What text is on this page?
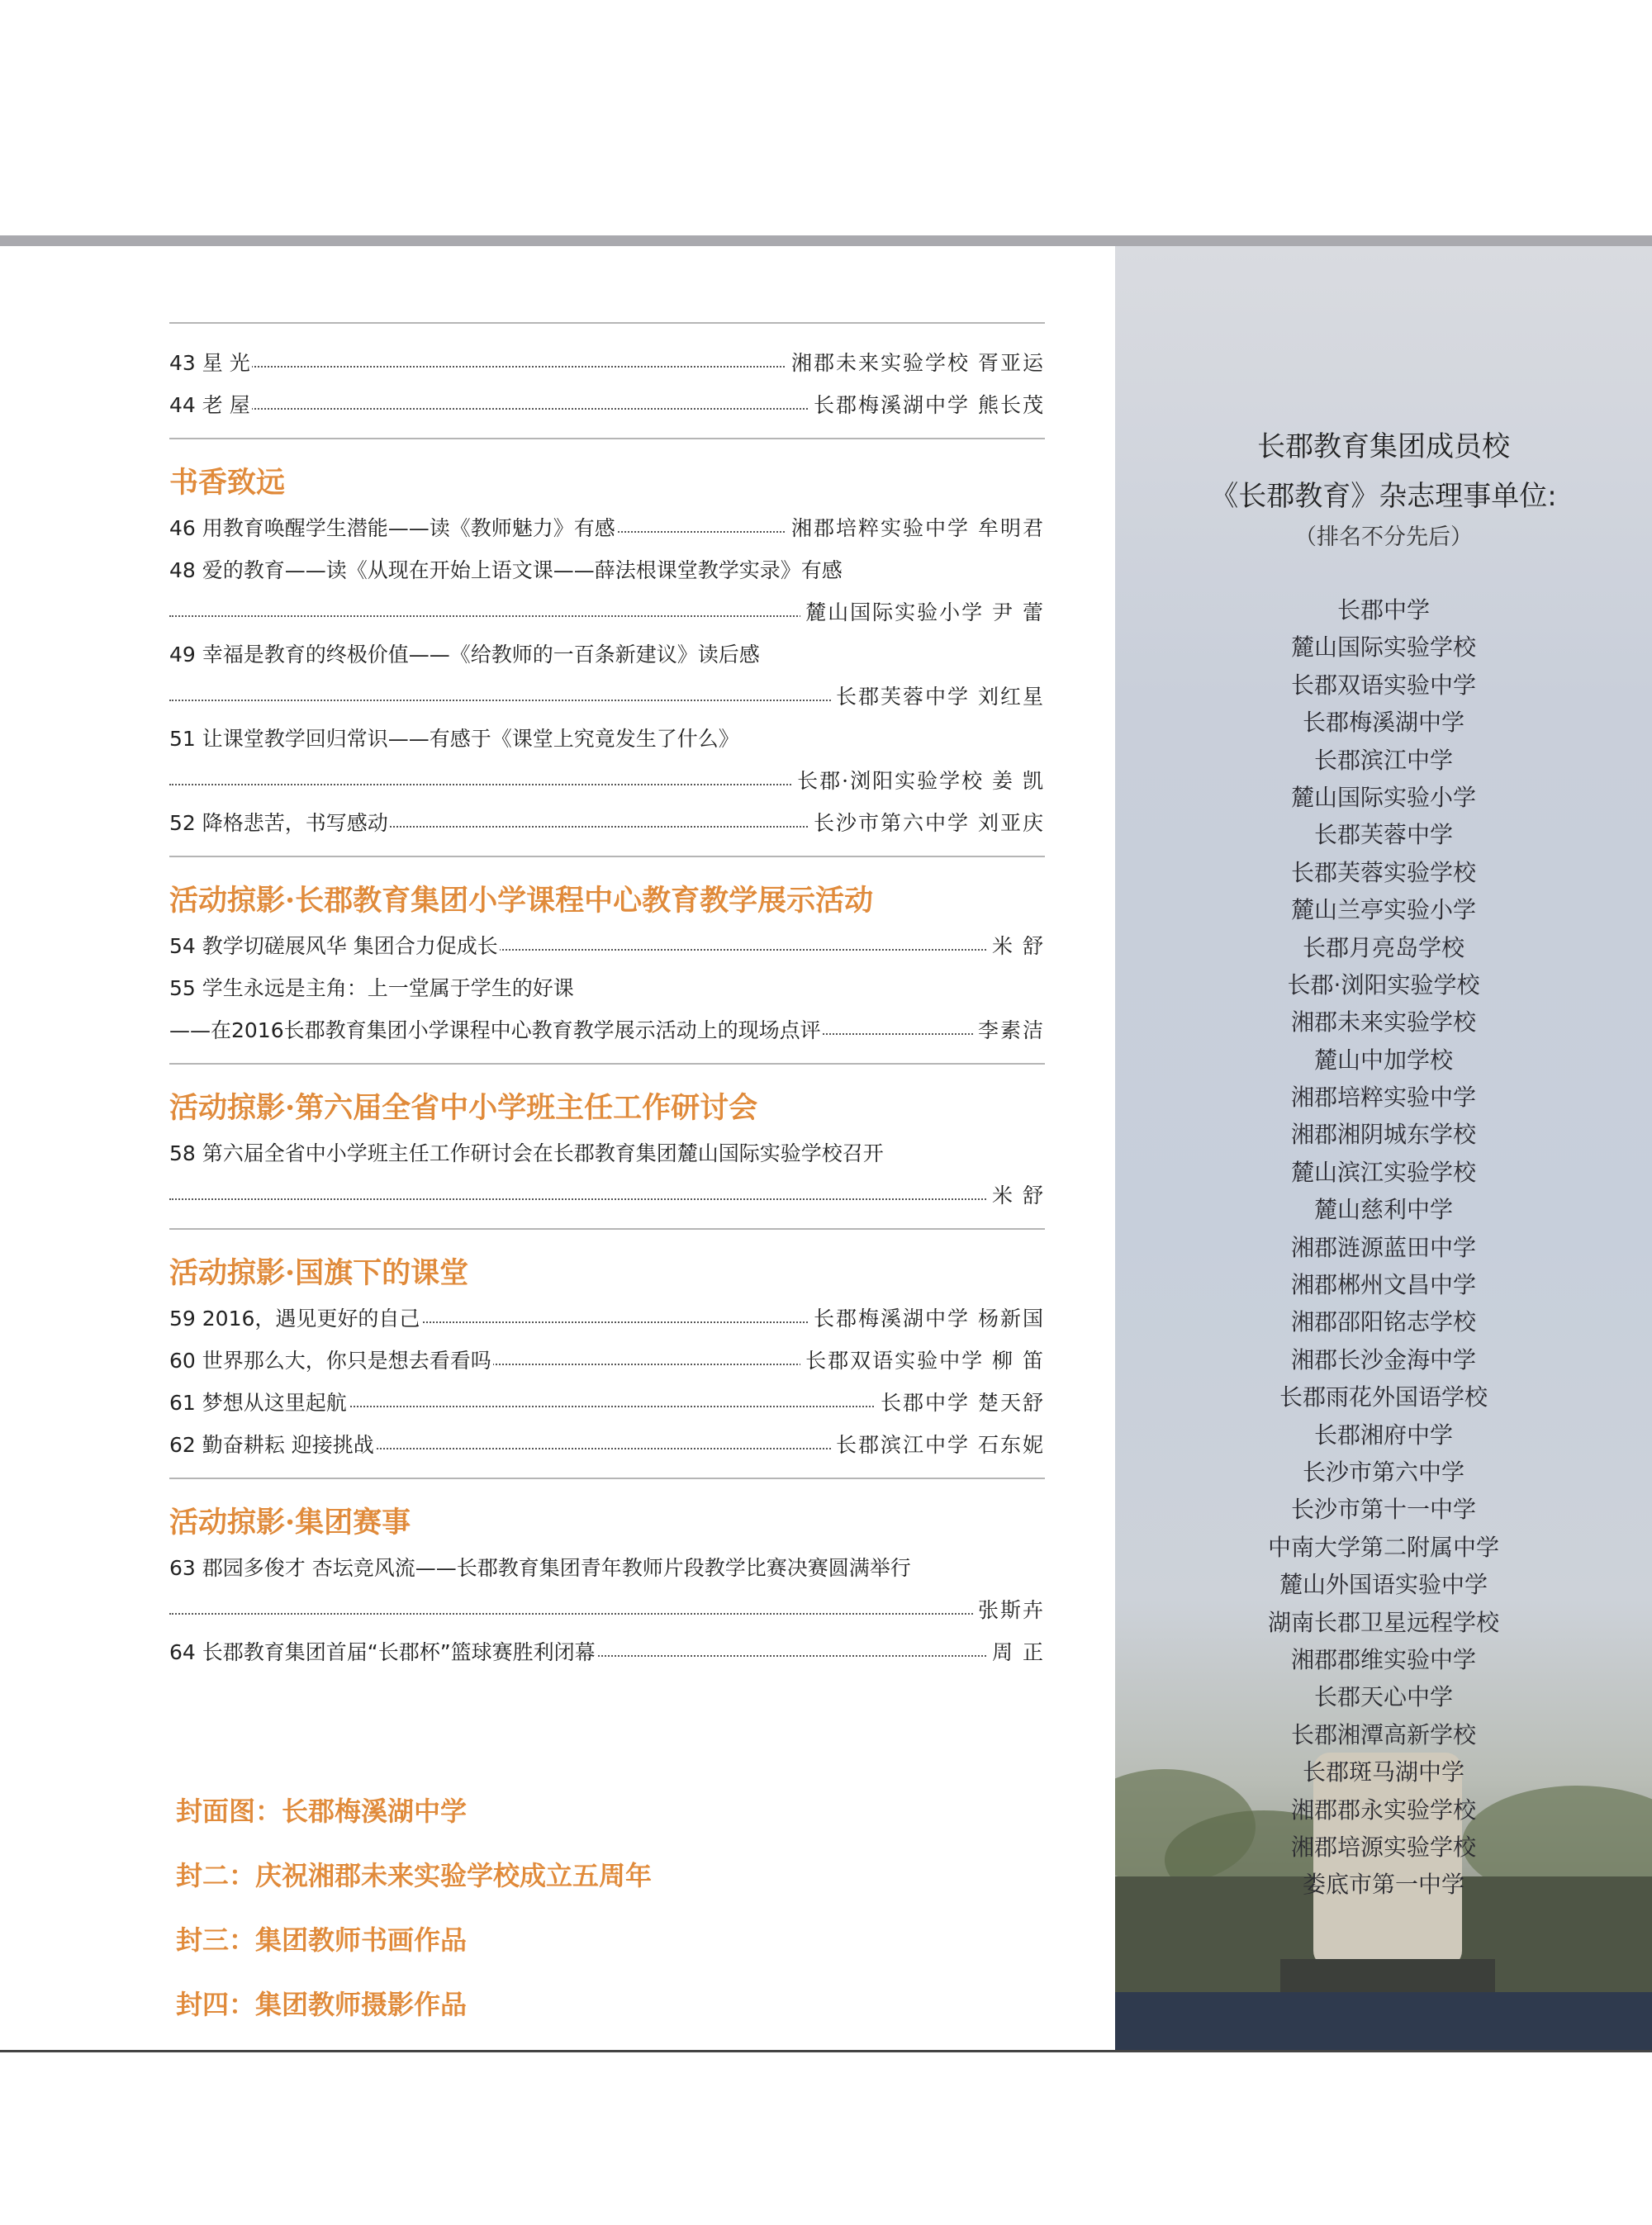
43 星 光	湘郡未来实验学校 胥亚运
44 老 屋	长郡梅溪湖中学 熊长茂
书香致远
46 用教育唤醒学生潜能——读《教师魅力》有感	湘郡培粹实验中学 牟明君
48 爱的教育——读《从现在开始上语文课——薛法根课堂教学实录》有感
麓山国际实验小学 尹 蕾
49 幸福是教育的终极价值——《给教师的一百条新建议》读后感
长郡芙蓉中学 刘红星
51 让课堂教学回归常识——有感于《课堂上究竟发生了什么》
长郡·浏阳实验学校 姜 凯
52 降格悲苦，书写感动	长沙市第六中学 刘亚庆
活动掠影·长郡教育集团小学课程中心教育教学展示活动
54 教学切磋展风华 集团合力促成长	米 舒
55 学生永远是主角：上一堂属于学生的好课
——在2016长郡教育集团小学课程中心教育教学展示活动上的现场点评	李素洁
活动掠影·第六届全省中小学班主任工作研讨会
58 第六届全省中小学班主任工作研讨会在长郡教育集团麓山国际实验学校召开
米 舒
活动掠影·国旗下的课堂
59 2016，遇见更好的自己	长郡梅溪湖中学 杨新国
60 世界那么大，你只是想去看看吗	长郡双语实验中学 柳 笛
61 梦想从这里起航	长郡中学 楚天舒
62 勤奋耕耘 迎接挑战	长郡滨江中学 石东妮
活动掠影·集团赛事
63 郡园多俊才 杏坛竞风流——长郡教育集团青年教师片段教学比赛决赛圆满举行
张斯卉
64 长郡教育集团首届“长郡杯”篮球赛胜利闭幕	周 正
封面图：长郡梅溪湖中学
封二：庆祝湘郡未来实验学校成立五周年
封三：集团教师书画作品
封四：集团教师摄影作品
长郡教育集团成员校
《长郡教育》杂志理事单位:
（排名不分先后）
长郡中学
麓山国际实验学校
长郡双语实验中学
长郡梅溪湖中学
长郡滨江中学
麓山国际实验小学
长郡芙蓉中学
长郡芙蓉实验学校
麓山兰亭实验小学
长郡月亮岛学校
长郡·浏阳实验学校
湘郡未来实验学校
麓山中加学校
湘郡培粹实验中学
湘郡湘阴城东学校
麓山滨江实验学校
麓山慈利中学
湘郡涟源蓝田中学
湘郡郴州文昌中学
湘郡邵阳铭志学校
湘郡长沙金海中学
长郡雨花外国语学校
长郡湘府中学
长沙市第六中学
长沙市第十一中学
中南大学第二附属中学
麓山外国语实验中学
湖南长郡卫星远程学校
湘郡郡维实验中学
长郡天心中学
长郡湘潭高新学校
长郡斑马湖中学
湘郡郡永实验学校
湘郡培源实验学校
娄底市第一中学
